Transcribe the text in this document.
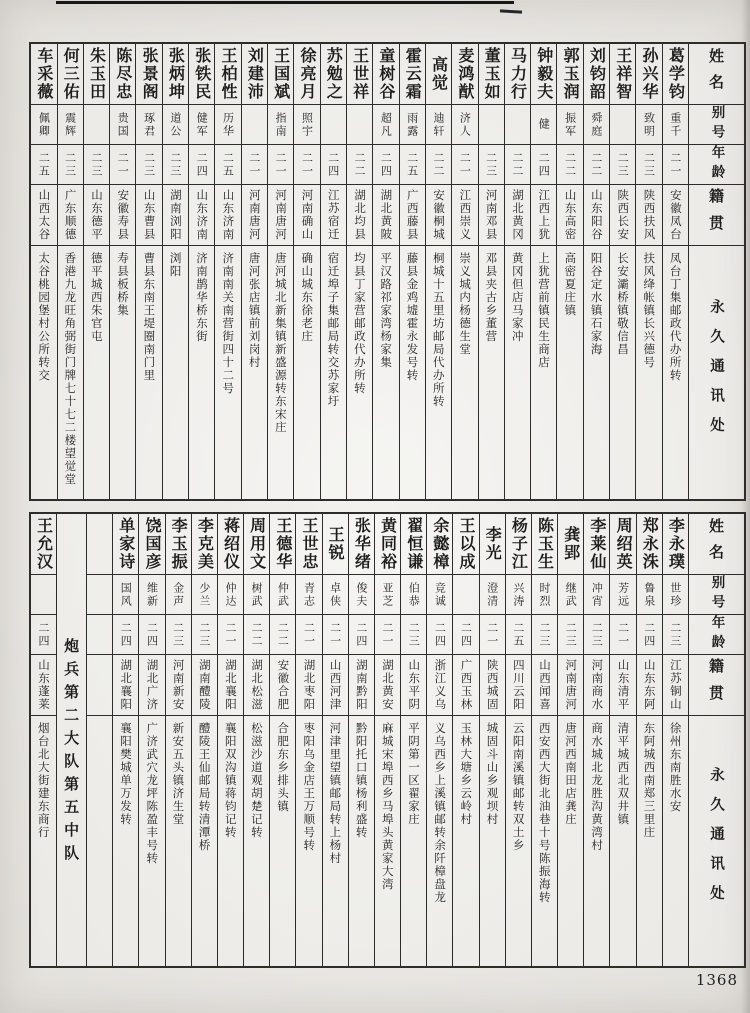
姓名
别号
年龄
籍贯
永久通讯处
葛学钧
重千
二一
安徽凤台
凤台丁集邮政代办所转
孙兴华
致明
二三
陕西扶风
扶风绛帐镇长兴德号
王祥智
二三
陕西长安
长安灞桥镇敬信昌
刘钧韶
舜庭
二二
山东阳谷
阳谷定水镇石家海
郭玉润
振军
二二
山东高密
高密夏庄镇
钟毅夫
健
二四
江西上犹
上犹营前镇民生商店
马力行
二二
湖北黄冈
黄冈但店马家冲
董玉如
二三
河南邓县
邓县夹古乡董营
麦鸿猷
济人
二一
江西崇义
崇义城内杨德生堂
高觉
迪轩
二二
安徽桐城
桐城十五里坊邮局代办所转
霍云霜
雨露
二五
广西藤县
藤县金鸡墟霍永发号转
童树谷
超凡
二四
湖北黄陂
平汉路祁家湾杨家集
王世祥
二二
湖北均县
均县丁家营邮政代办所转
苏勉之
二四
江苏宿迁
宿迁埠子集邮局转交苏家圩
徐亮月
照宇
二一
河南确山
确山城东徐老庄
王国斌
指南
二一
河南唐河
唐河城北新集镇新盛源转东宋庄
刘建沛
二一
河南唐河
唐河张店镇前刘岗村
王柏性
历华
二五
山东济南
济南南关南营街四十二号
张铁民
健军
二四
山东济南
济南鹊华桥东街
张炳坤
道公
二三
湖南浏阳
浏阳
张景阁
琢君
二三
山东曹县
曹县东南王堤圈南门里
陈尽忠
贵国
二一
安徽寿县
寿县板桥集
朱玉田
二三
山东德平
德平城西朱官屯
何三佑
震辉
二三
广东顺德
香港九龙旺角弼街门牌七十七二楼望觉堂
车采薇
佩卿
二五
山西太谷
太谷桃园堡村公所转交
姓名
别号
年龄
籍贯
永久通讯处
李永璞
世珍
二三
江苏铜山
徐州东南胜水安
郑永洙
鲁泉
二四
山东东阿
东阿城西南郑三里庄
周绍英
芳远
二一
山东清平
清平城西北双井镇
李莱仙
冲宵
二三
河南商水
商水城北龙胜沟黄湾村
龚郢
继武
二三
河南唐河
唐河西南田店龚庄
陈玉生
时烈
二三
山西闻喜
西安西大街北油巷十号陈振海转
杨子江
兴涛
二五
四川云阳
云阳南溪镇邮转双土乡
李光
澄清
二一
陕西城固
城固斗山乡观坝村
王以成
二四
广西玉林
玉林大塘乡云岭村
余懿樟
竞诚
二四
浙江义乌
义乌西乡上溪镇邮转余阡樟盘龙
翟恒谦
伯恭
二三
山东平阴
平阴第一区翟家庄
黄同裕
亚芝
二一
湖北黄安
麻城宋埠西乡马埠头黄家大湾
张华绪
俊夫
二四
湖南黔阳
黔阳托口镇杨利盛转
王锐
卓侠
二一
山西河津
河津里望镇邮局转上杨村
王世忠
青志
二一
湖北枣阳
枣阳乌金店王万顺号转
王德华
仲武
二二
安徽合肥
合肥东乡排头镇
周用文
树武
二二
湖北松滋
松滋沙道观胡楚记转
蒋绍仪
仲达
二一
湖北襄阳
襄阳双沟镇蒋钧记转
李克美
少兰
二三
湖南醴陵
醴陵王仙邮局转清潭桥
李玉振
金声
二三
河南新安
新安五头镇济生堂
饶国彦
维新
二四
湖北广济
广济武穴龙坪陈盈丰号转
单家诗
国风
二四
湖北襄阳
襄阳樊城单万发转
炮兵第二大队第五中队
王允汉
二四
山东蓬莱
烟台北大街建东商行
1368
